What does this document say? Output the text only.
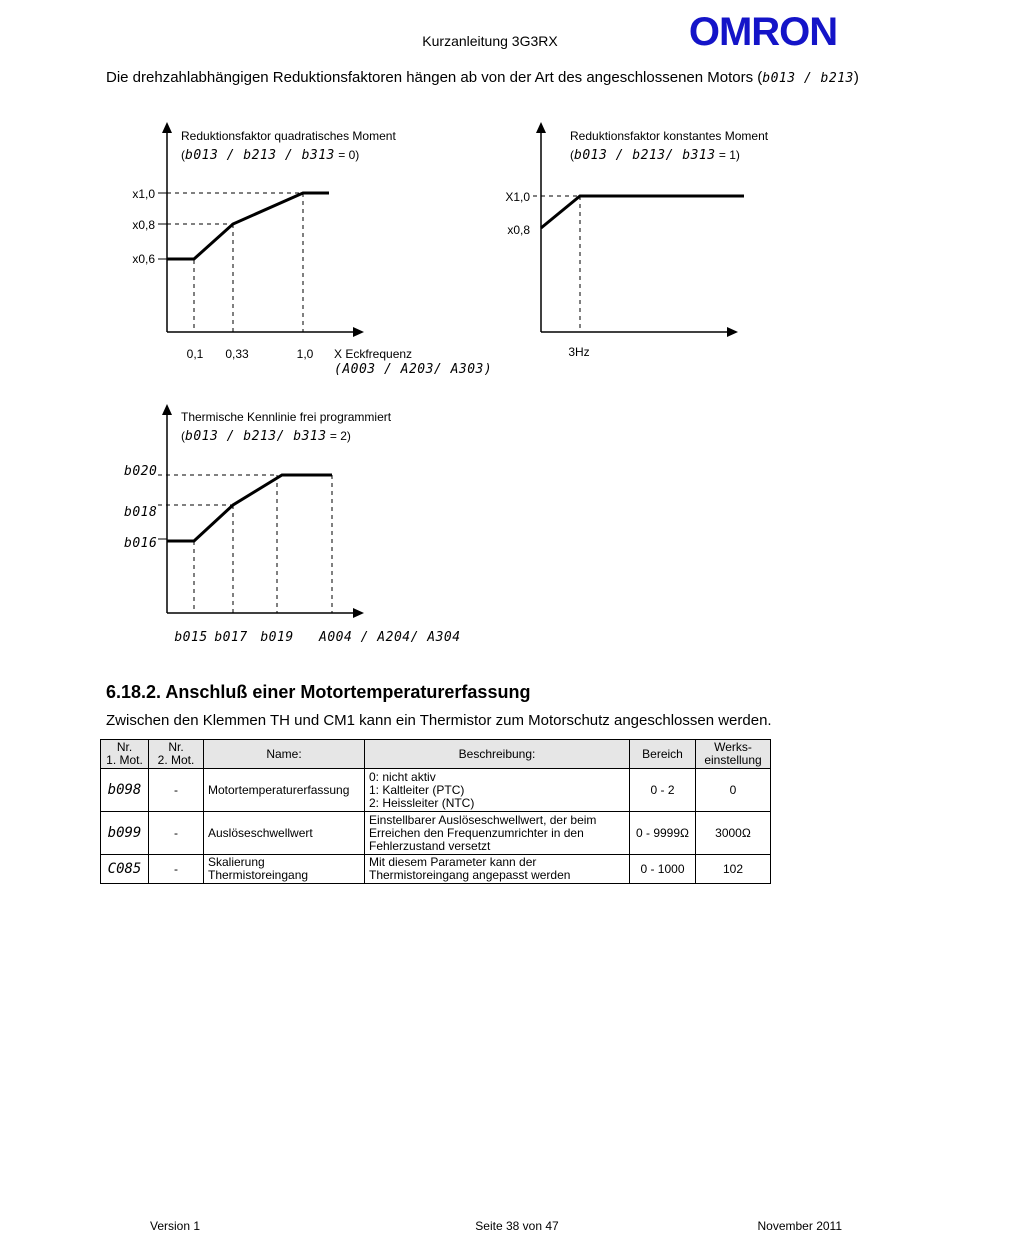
Kurzanleitung 3G3RX	OMRON
Die drehzahlabhängigen Reduktionsfaktoren hängen ab von der Art des angeschlossenen Motors (b013 / b213)
Reduktionsfaktor quadratisches Moment
(b013 / b213 / b313 = 0)
x1,0
x0,8
x0,6
0,1 0,33	1,0 X Eckfrequenz
(A003 / A203/ A303)
Reduktionsfaktor konstantes Moment
(b013 / b213/ b313 = 1)
X1,0
x0,8
3Hz
Thermische Kennlinie frei programmiert
(b013 / b213/ b313 = 2)
b020
b018
b016
b015 b017 b019 A004 / A204/ A304
6.18.2. Anschluß einer Motortemperaturerfassung
Zwischen den Klemmen TH und CM1 kann ein Thermistor zum Motorschutz angeschlossen werden.
Nr.
1. Mot.	Nr.
2. Mot.	Name:	Beschreibung:	Bereich	Werks-
einstellung
b098	-	Motortemperaturerfassung	0: nicht aktiv
1: Kaltleiter (PTC)
2: Heissleiter (NTC)	0 - 2	0
b099	-	Auslöseschwellwert	Einstellbarer Auslöseschwellwert, der beim
Erreichen den Frequenzumrichter in den
Fehlerzustand versetzt	0 - 9999Ω	3000Ω
C085	-	Skalierung
Thermistoreingang	Mit diesem Parameter kann der
Thermistoreingang angepasst werden	0 - 1000	102
Version 1	Seite 38 von 47	November 2011
